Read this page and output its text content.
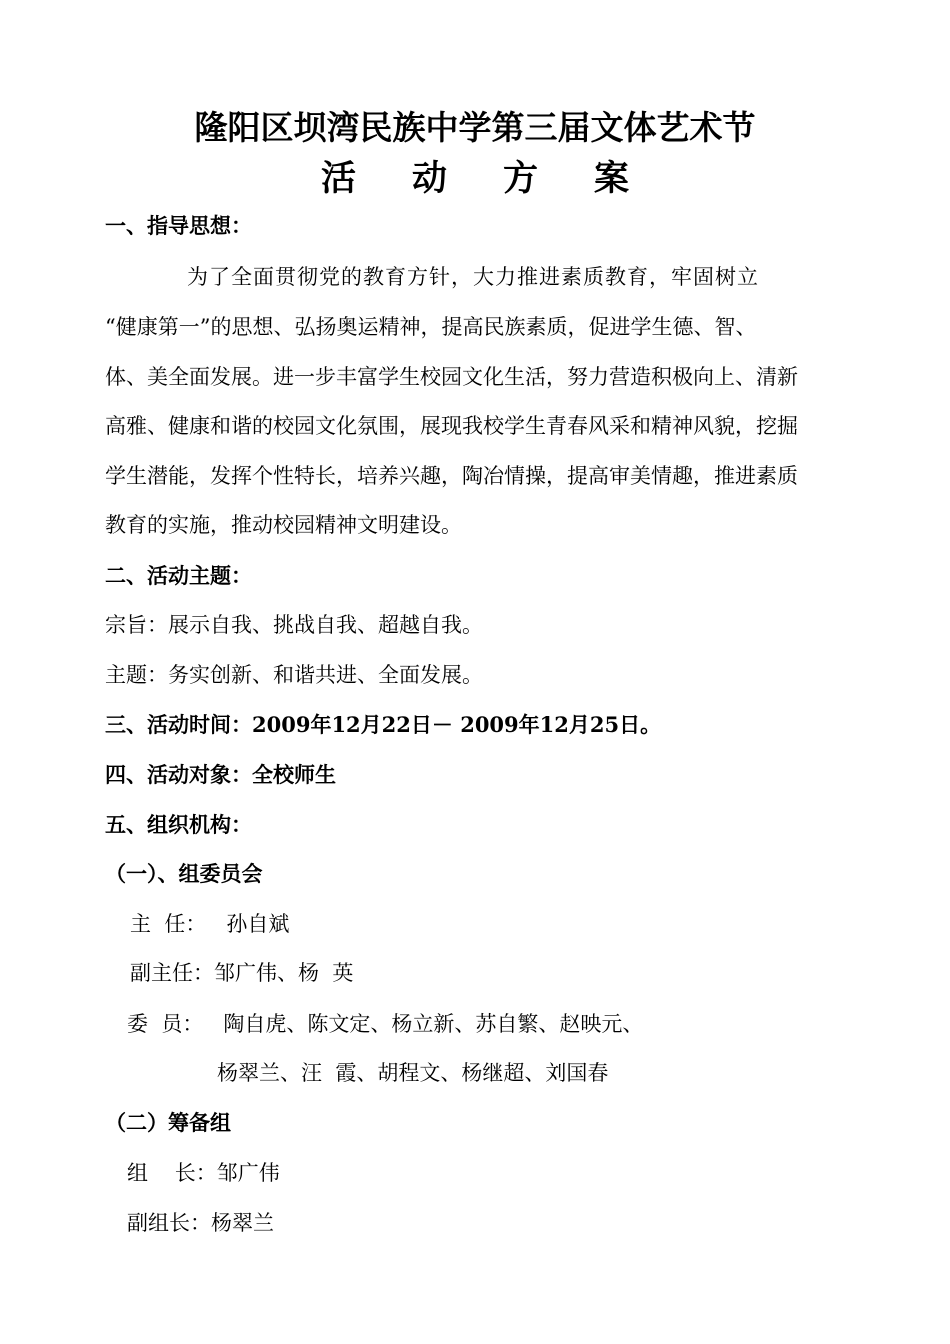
隆阳区坝湾民族中学第三届文体艺术节
活 动 方 案
一、指导思想：
为了全面贯彻党的教育方针，大力推进素质教育，牢固树立
“健康第一”的思想、弘扬奥运精神，提高民族素质，促进学生德、智、
体、美全面发展。进一步丰富学生校园文化生活，努力营造积极向上、清新
高雅、健康和谐的校园文化氛围，展现我校学生青春风采和精神风貌，挖掘
学生潜能，发挥个性特长，培养兴趣，陶冶情操，提高审美情趣，推进素质
教育的实施，推动校园精神文明建设。
二、活动主题：
宗旨：展示自我、挑战自我、超越自我。
主题：务实创新、和谐共进、全面发展。
三、活动时间：2009年12月22日－ 2009年12月25日。
四、活动对象：全校师生
五、组织机构：
（一）、组委员会
主  任：   孙自斌
副主任：邹广伟、杨  英
委  员：   陶自虎、陈文定、杨立新、苏自繁、赵映元、
杨翠兰、汪  霞、胡程文、杨继超、刘国春
（二）筹备组
组    长：邹广伟
副组长：杨翠兰
